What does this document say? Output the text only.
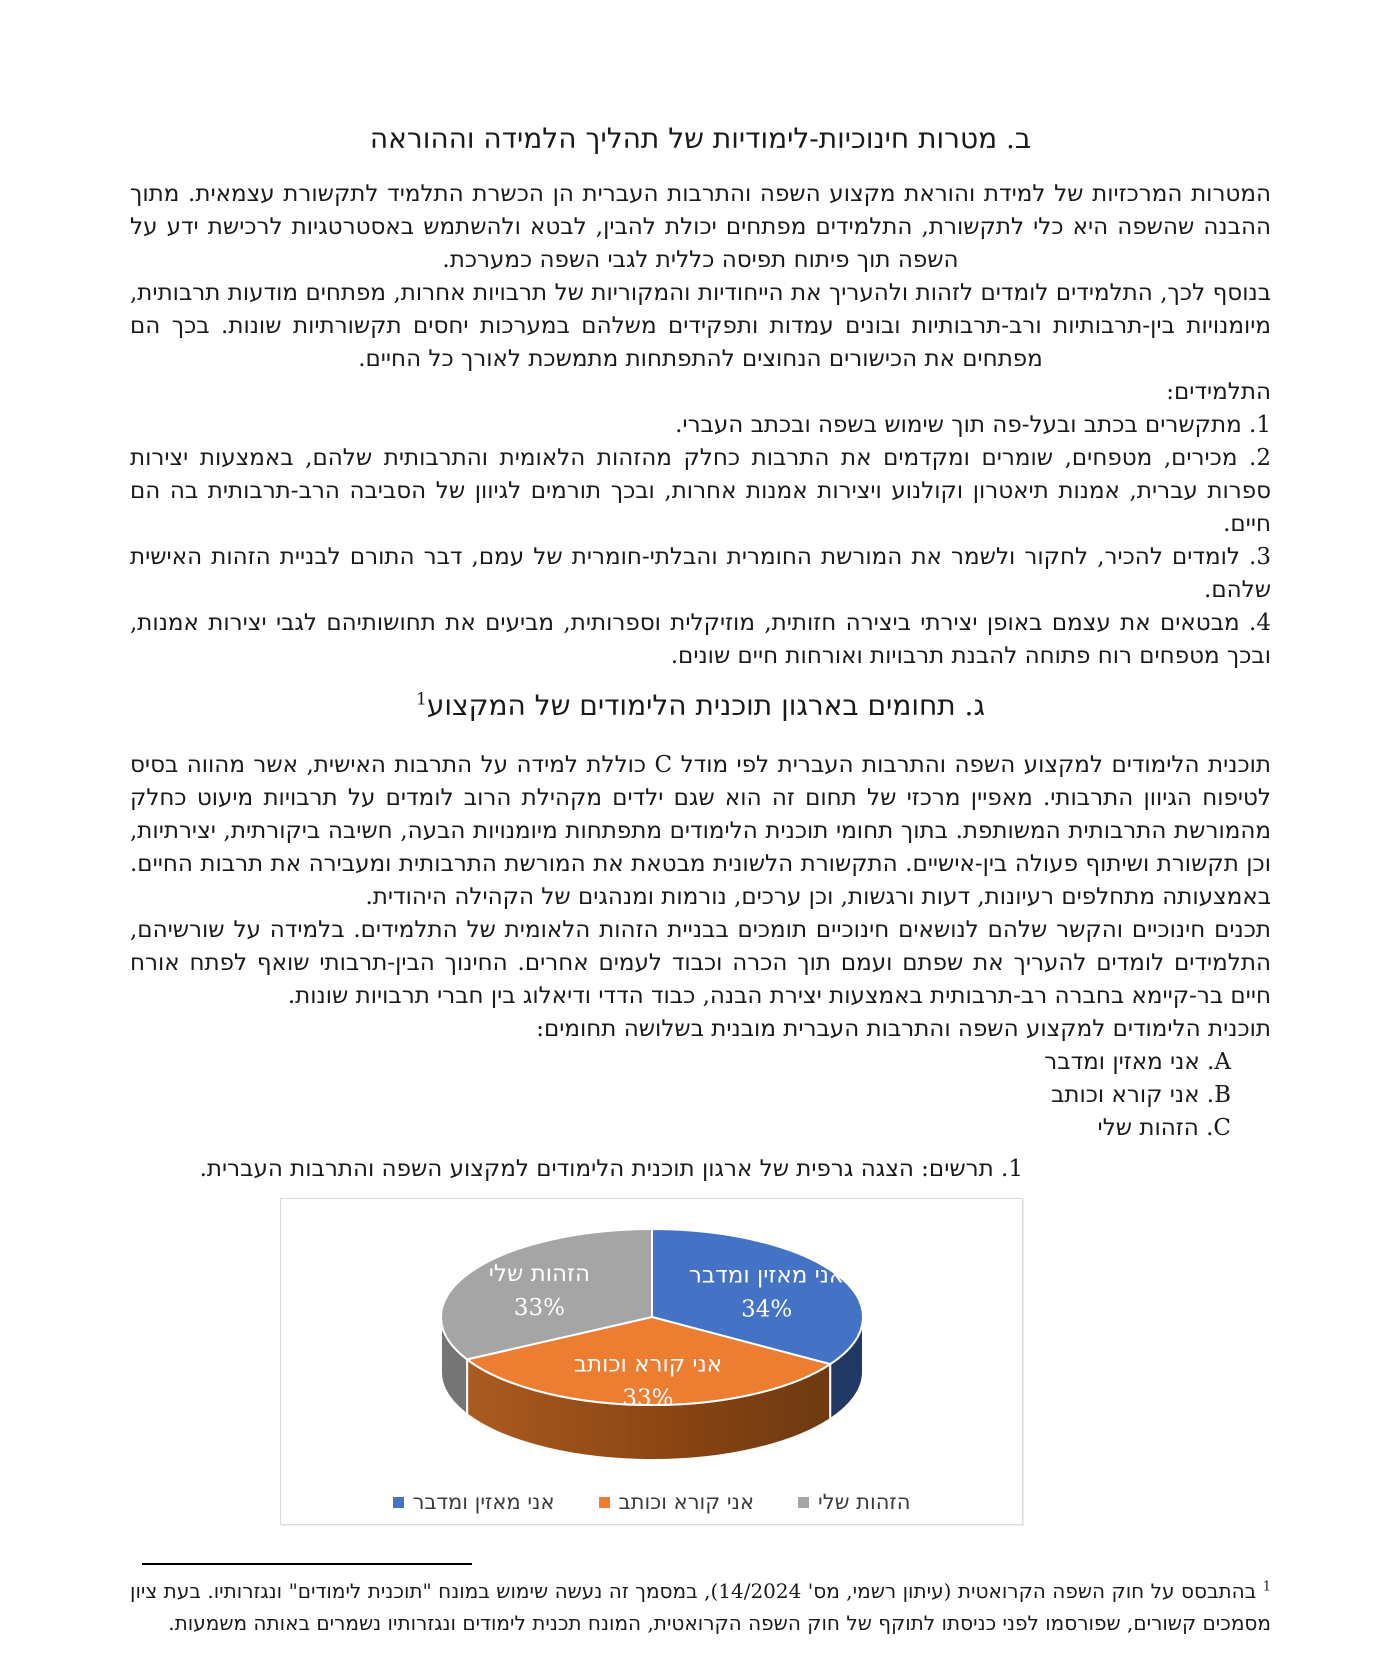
ב. מטרות חינוכיות-לימודיות של תהליך הלמידה וההוראה

המטרות המרכזיות של למידת והוראת מקצוע השפה והתרבות העברית הן הכשרת התלמיד לתקשורת עצמאית. מתוך ההבנה שהשפה היא כלי לתקשורת, התלמידים מפתחים יכולת להבין, לבטא ולהשתמש באסטרטגיות לרכישת ידע על השפה תוך פיתוח תפיסה כללית לגבי השפה כמערכת.

בנוסף לכך, התלמידים לומדים לזהות ולהעריך את הייחודיות והמקוריות של תרבויות אחרות, מפתחים מודעות תרבותית, מיומנויות בין-תרבותיות ורב-תרבותיות ובונים עמדות ותפקידים משלהם במערכות יחסים תקשורתיות שונות. בכך הם מפתחים את הכישורים הנחוצים להתפתחות מתמשכת לאורך כל החיים.

התלמידים:

1. מתקשרים בכתב ובעל-פה תוך שימוש בשפה ובכתב העברי.

2. מכירים, מטפחים, שומרים ומקדמים את התרבות כחלק מהזהות הלאומית והתרבותית שלהם, באמצעות יצירות ספרות עברית, אמנות תיאטרון וקולנוע ויצירות אמנות אחרות, ובכך תורמים לגיוון של הסביבה הרב-תרבותית בה הם חיים.

3. לומדים להכיר, לחקור ולשמר את המורשת החומרית והבלתי-חומרית של עמם, דבר התורם לבניית הזהות האישית שלהם.

4. מבטאים את עצמם באופן יצירתי ביצירה חזותית, מוזיקלית וספרותית, מביעים את תחושותיהם לגבי יצירות אמנות, ובכך מטפחים רוח פתוחה להבנת תרבויות ואורחות חיים שונים.

ג. תחומים בארגון תוכנית הלימודים של המקצוע$^1$

תוכנית הלימודים למקצוע השפה והתרבות העברית לפי מודל C כוללת למידה על התרבות האישית, אשר מהווה בסיס לטיפוח הגיוון התרבותי. מאפיין מרכזי של תחום זה הוא שגם ילדים מקהילת הרוב לומדים על תרבויות מיעוט כחלק מהמורשת התרבותית המשותפת. בתוך תחומי תוכנית הלימודים מתפתחות מיומנויות הבעה, חשיבה ביקורתית, יצירתיות, וכן תקשורת ושיתוף פעולה בין-אישיים. התקשורת הלשונית מבטאת את המורשת התרבותית ומעבירה את תרבות החיים. באמצעותה מתחלפים רעיונות, דעות ורגשות, וכן ערכים, נורמות ומנהגים של הקהילה היהודית.

תכנים חינוכיים והקשר שלהם לנושאים חינוכיים תומכים בבניית הזהות הלאומית של התלמידים. בלמידה על שורשיהם, התלמידים לומדים להעריך את שפתם ועמם תוך הכרה וכבוד לעמים אחרים. החינוך הבין-תרבותי שואף לפתח אורח חיים בר-קיימא בחברה רב-תרבותית באמצעות יצירת הבנה, כבוד הדדי ודיאלוג בין חברי תרבויות שונות.

תוכנית הלימודים למקצוע השפה והתרבות העברית מובנית בשלושה תחומים:

A. אני מאזין ומדבר

B. אני קורא וכותב

C. הזהות שלי

1. תרשים: הצגה גרפית של ארגון תוכנית הלימודים למקצוע השפה והתרבות העברית.

אני מאזין ומדבר
34%
אני קורא וכותב
33%
הזהות שלי
33%
אני מאזין ומדבר	אני קורא וכותב	הזהות שלי

$^1$ בהתבסס על חוק השפה הקרואטית (עיתון רשמי, מס' 14/2024), במסמך זה נעשה שימוש במונח "תוכנית לימודים" ונגזרותיו. בעת ציון מסמכים קשורים, שפורסמו לפני כניסתו לתוקף של חוק השפה הקרואטית, המונח תכנית לימודים ונגזרותיו נשמרים באותה משמעות.
